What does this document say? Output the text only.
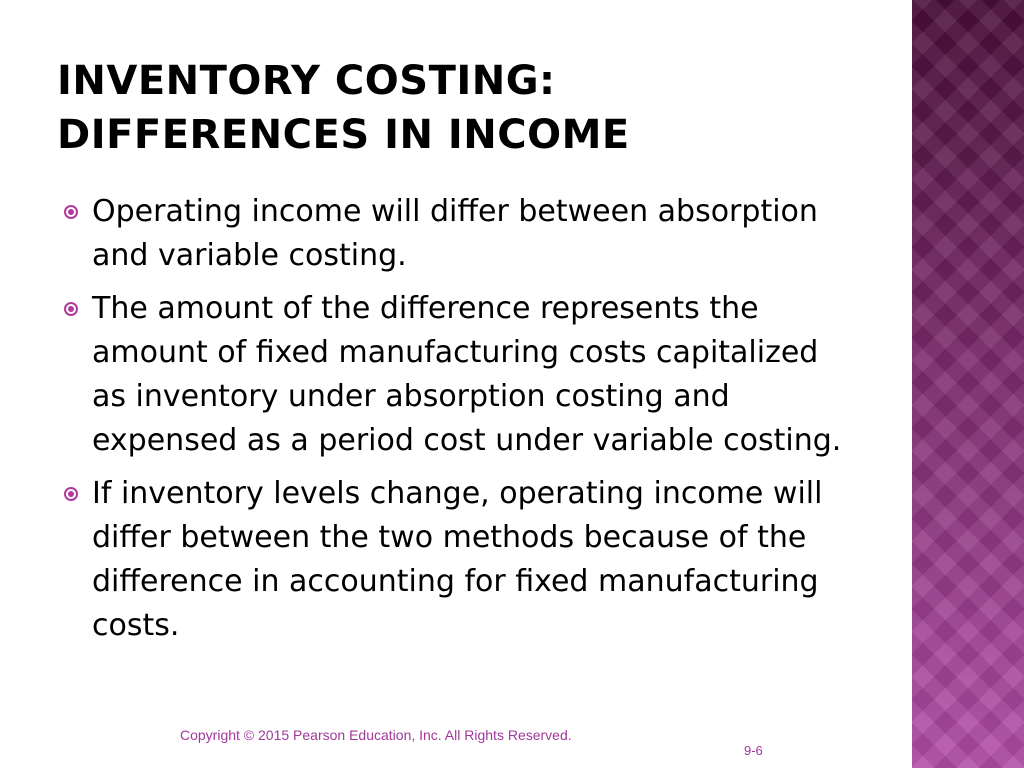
INVENTORY COSTING:
DIFFERENCES IN INCOME
Operating income will differ between absorption and variable costing.
The amount of the difference represents the amount of fixed manufacturing costs capitalized as inventory under absorption costing and expensed as a period cost under variable costing.
If inventory levels change, operating income will differ between the two methods because of the difference in accounting for fixed manufacturing costs.
Copyright © 2015 Pearson Education, Inc. All Rights Reserved.
9-6
